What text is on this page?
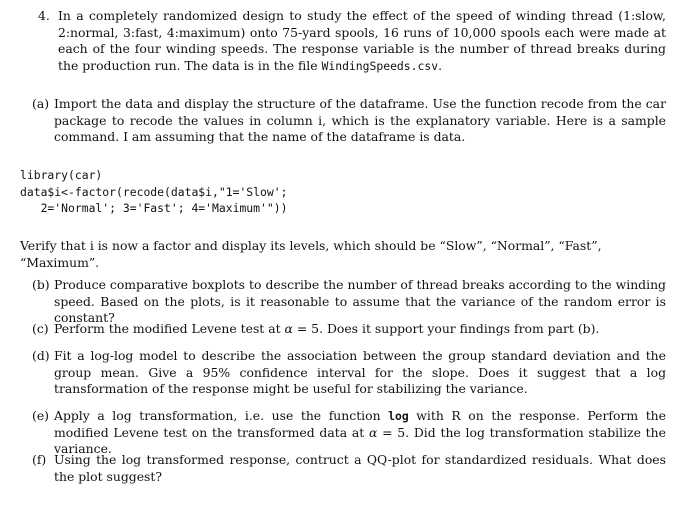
4. In a completely randomized design to study the effect of the speed of winding thread (1:slow, 2:normal, 3:fast, 4:maximum) onto 75-yard spools, 16 runs of 10,000 spools each were made at each of the four winding speeds. The response variable is the number of thread breaks during the production run. The data is in the file WindingSpeeds.csv.
(a) Import the data and display the structure of the dataframe. Use the function recode from the car package to recode the values in column i, which is the explanatory variable. Here is a sample command. I am assuming that the name of the dataframe is data.
library(car)
data$i<-factor(recode(data$i,"1='Slow';
2='Normal'; 3='Fast'; 4='Maximum'"))
Verify that i is now a factor and display its levels, which should be “Slow”, “Normal”, “Fast”, “Maximum”.
(b) Produce comparative boxplots to describe the number of thread breaks according to the winding speed. Based on the plots, is it reasonable to assume that the variance of the random error is constant?
(c) Perform the modified Levene test at α = 5. Does it support your findings from part (b).
(d) Fit a log-log model to describe the association between the group standard deviation and the group mean. Give a 95% confidence interval for the slope. Does it suggest that a log transformation of the response might be useful for stabilizing the variance.
(e) Apply a log transformation, i.e. use the function log with R on the response. Perform the modified Levene test on the transformed data at α = 5. Did the log transformation stabilize the variance.
(f) Using the log transformed response, contruct a QQ-plot for standardized residuals. What does the plot suggest?
